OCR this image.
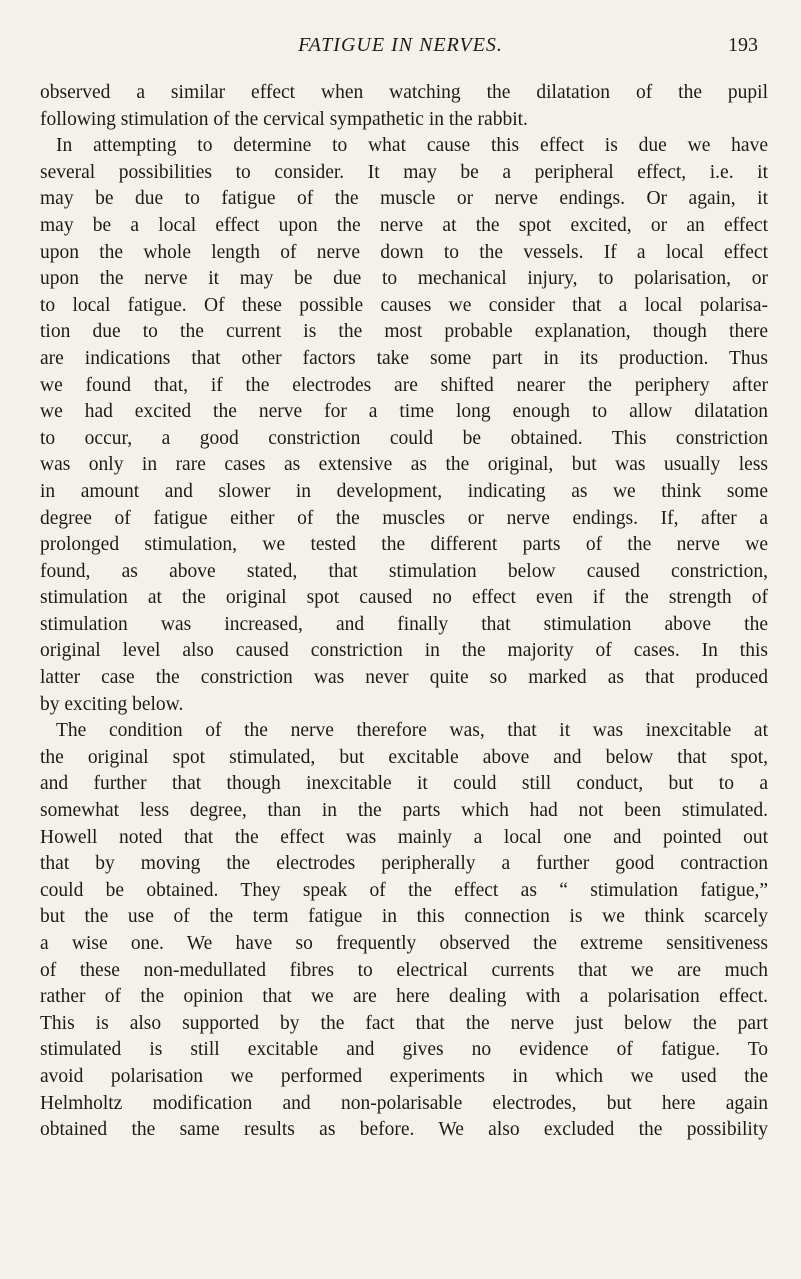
FATIGUE IN NERVES.	193
observed a similar effect when watching the dilatation of the pupil
following stimulation of the cervical sympathetic in the rabbit.
In attempting to determine to what cause this effect is due we have
several possibilities to consider. It may be a peripheral effect, i.e. it
may be due to fatigue of the muscle or nerve endings. Or again, it
may be a local effect upon the nerve at the spot excited, or an effect
upon the whole length of nerve down to the vessels. If a local effect
upon the nerve it may be due to mechanical injury, to polarisation, or
to local fatigue. Of these possible causes we consider that a local polarisa-
tion due to the current is the most probable explanation, though there
are indications that other factors take some part in its production. Thus
we found that, if the electrodes are shifted nearer the periphery after
we had excited the nerve for a time long enough to allow dilatation
to occur, a good constriction could be obtained. This constriction
was only in rare cases as extensive as the original, but was usually less
in amount and slower in development, indicating as we think some
degree of fatigue either of the muscles or nerve endings. If, after a
prolonged stimulation, we tested the different parts of the nerve we
found, as above stated, that stimulation below caused constriction,
stimulation at the original spot caused no effect even if the strength of
stimulation was increased, and finally that stimulation above the
original level also caused constriction in the majority of cases. In this
latter case the constriction was never quite so marked as that produced
by exciting below.
The condition of the nerve therefore was, that it was inexcitable at
the original spot stimulated, but excitable above and below that spot,
and further that though inexcitable it could still conduct, but to a
somewhat less degree, than in the parts which had not been stimulated.
Howell noted that the effect was mainly a local one and pointed out
that by moving the electrodes peripherally a further good contraction
could be obtained. They speak of the effect as “ stimulation fatigue,”
but the use of the term fatigue in this connection is we think scarcely
a wise one. We have so frequently observed the extreme sensitiveness
of these non-medullated fibres to electrical currents that we are much
rather of the opinion that we are here dealing with a polarisation effect.
This is also supported by the fact that the nerve just below the part
stimulated is still excitable and gives no evidence of fatigue. To
avoid polarisation we performed experiments in which we used the
Helmholtz modification and non-polarisable electrodes, but here again
obtained the same results as before. We also excluded the possibility
